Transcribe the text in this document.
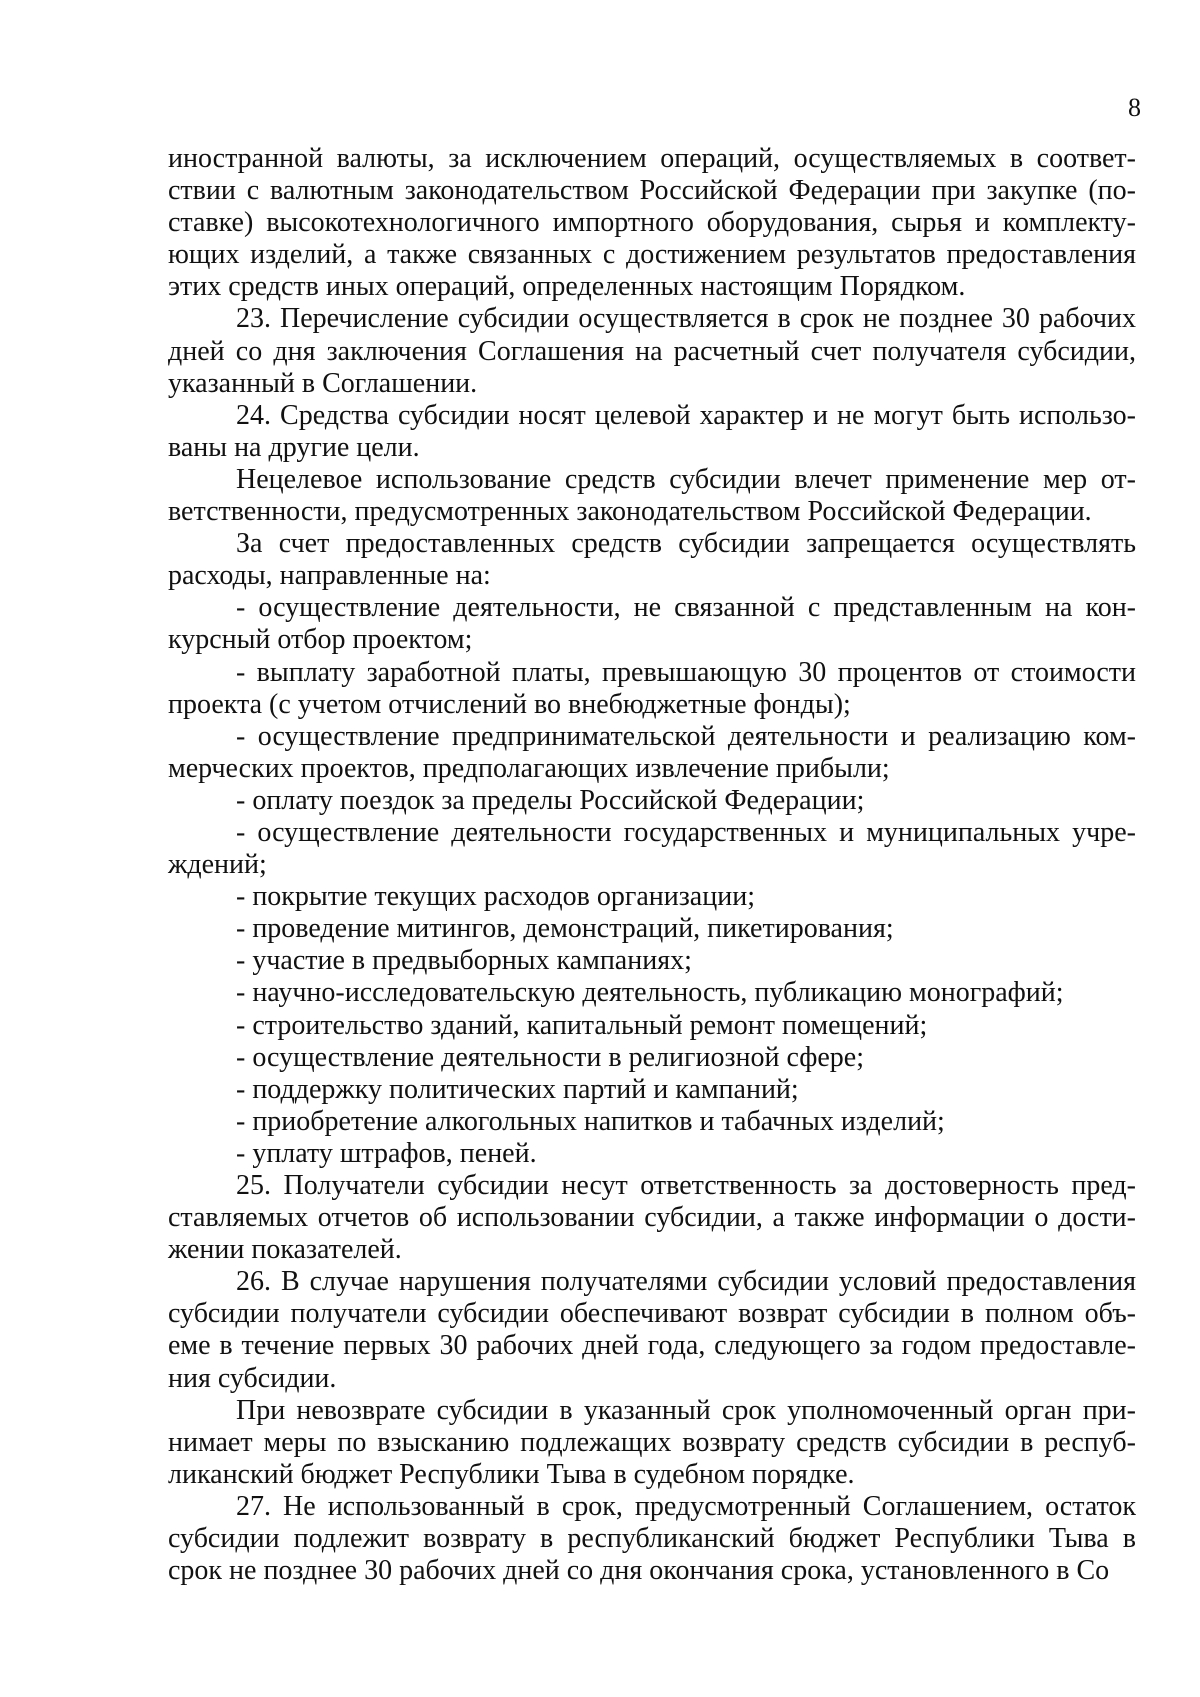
8

иностранной валюты, за исключением операций, осуществляемых в соответствии с валютным законодательством Российской Федерации при закупке (поставке) высокотехнологичного импортного оборудования, сырья и комплектующих изделий, а также связанных с достижением результатов предоставления этих средств иных операций, определенных настоящим Порядком.

23. Перечисление субсидии осуществляется в срок не позднее 30 рабочих дней со дня заключения Соглашения на расчетный счет получателя субсидии, указанный в Соглашении.

24. Средства субсидии носят целевой характер и не могут быть использованы на другие цели.

Нецелевое использование средств субсидии влечет применение мер ответственности, предусмотренных законодательством Российской Федерации.

За счет предоставленных средств субсидии запрещается осуществлять расходы, направленные на:

- осуществление деятельности, не связанной с представленным на конкурсный отбор проектом;

- выплату заработной платы, превышающую 30 процентов от стоимости проекта (с учетом отчислений во внебюджетные фонды);

- осуществление предпринимательской деятельности и реализацию коммерческих проектов, предполагающих извлечение прибыли;

- оплату поездок за пределы Российской Федерации;

- осуществление деятельности государственных и муниципальных учреждений;

- покрытие текущих расходов организации;

- проведение митингов, демонстраций, пикетирования;

- участие в предвыборных кампаниях;

- научно-исследовательскую деятельность, публикацию монографий;

- строительство зданий, капитальный ремонт помещений;

- осуществление деятельности в религиозной сфере;

- поддержку политических партий и кампаний;

- приобретение алкогольных напитков и табачных изделий;

- уплату штрафов, пеней.

25. Получатели субсидии несут ответственность за достоверность представляемых отчетов об использовании субсидии, а также информации о достижении показателей.

26. В случае нарушения получателями субсидии условий предоставления субсидии получатели субсидии обеспечивают возврат субсидии в полном объеме в течение первых 30 рабочих дней года, следующего за годом предоставления субсидии.

При невозврате субсидии в указанный срок уполномоченный орган принимает меры по взысканию подлежащих возврату средств субсидии в республиканский бюджет Республики Тыва в судебном порядке.

27. Не использованный в срок, предусмотренный Соглашением, остаток субсидии подлежит возврату в республиканский бюджет Республики Тыва в срок не позднее 30 рабочих дней со дня окончания срока, установленного в Со
